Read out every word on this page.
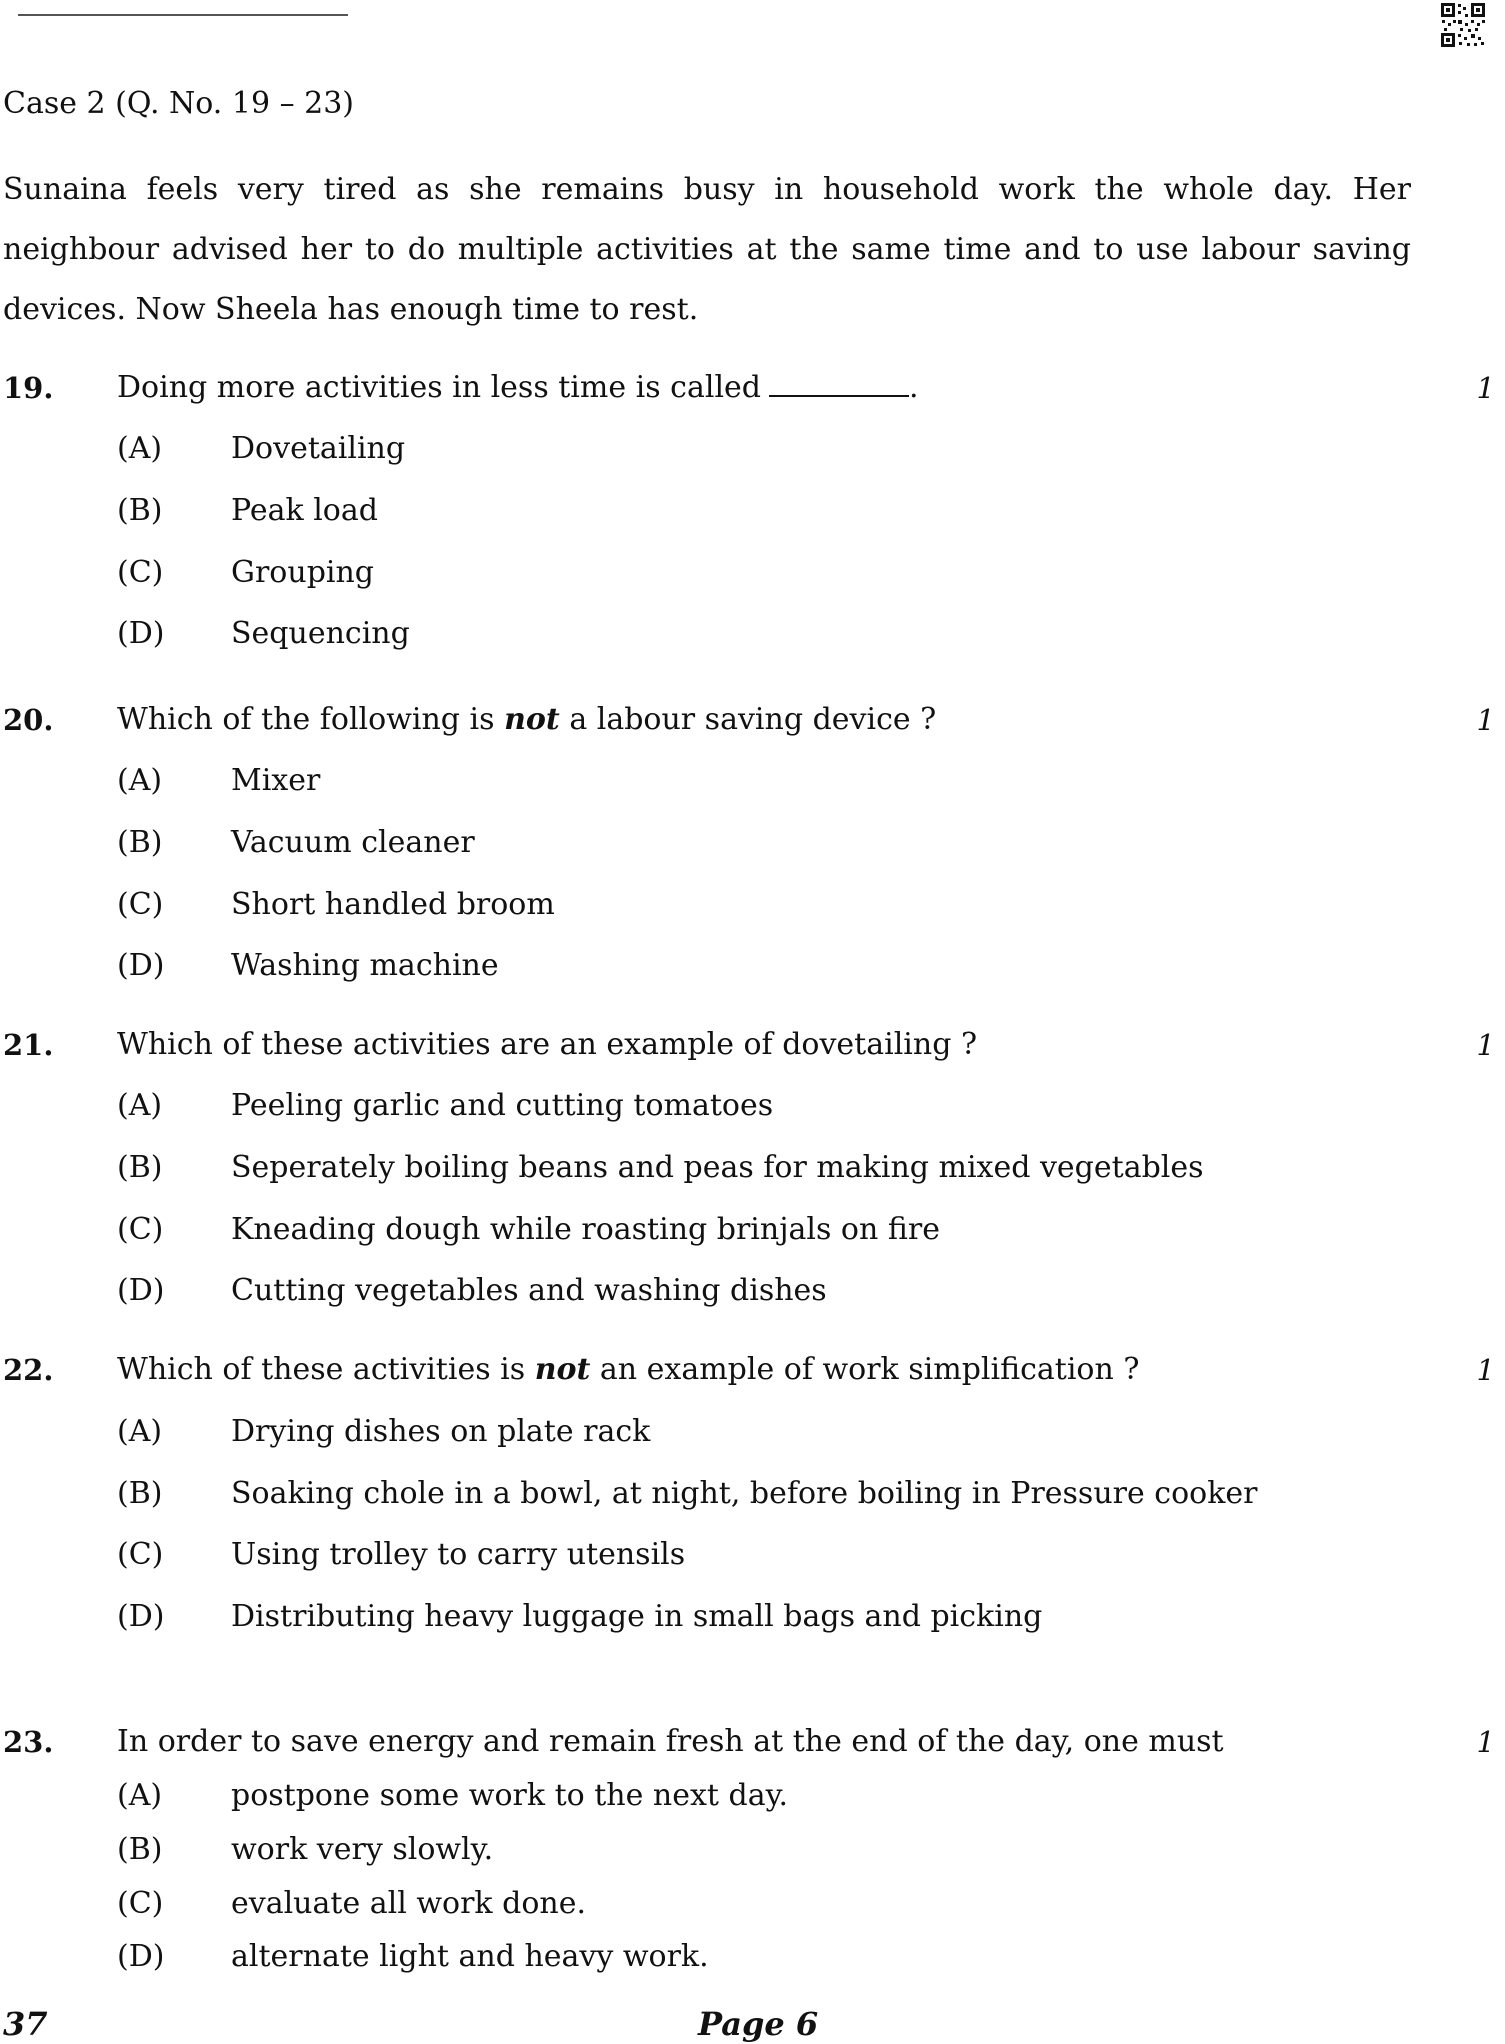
Case 2 (Q. No. 19 – 23)

Sunaina feels very tired as she remains busy in household work the whole day. Her neighbour advised her to do multiple activities at the same time and to use labour saving devices. Now Sheela has enough time to rest.

19. Doing more activities in less time is called	.	1
(A) Dovetailing
(B) Peak load
(C) Grouping
(D) Sequencing
20. Which of the following is not a labour saving device ?	1
(A) Mixer
(B) Vacuum cleaner
(C) Short handled broom
(D) Washing machine
21. Which of these activities are an example of dovetailing ?	1
(A) Peeling garlic and cutting tomatoes
(B) Seperately boiling beans and peas for making mixed vegetables
(C) Kneading dough while roasting brinjals on fire
(D) Cutting vegetables and washing dishes
22. Which of these activities is not an example of work simplification ?	1
(A) Drying dishes on plate rack
(B) Soaking chole in a bowl, at night, before boiling in Pressure cooker
(C) Using trolley to carry utensils
(D) Distributing heavy luggage in small bags and picking
23. In order to save energy and remain fresh at the end of the day, one must	1
(A) postpone some work to the next day.
(B) work very slowly.
(C) evaluate all work done.
(D) alternate light and heavy work.
37	Page 6
